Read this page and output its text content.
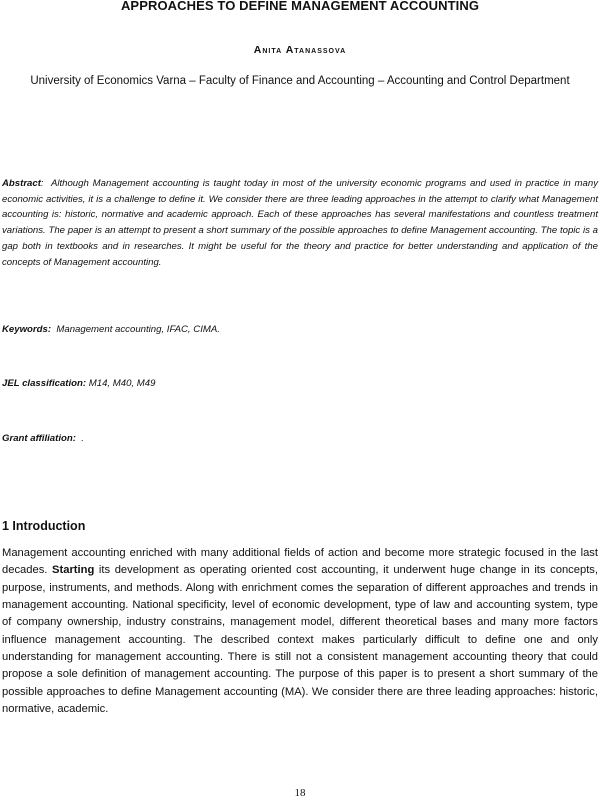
APPROACHES TO DEFINE MANAGEMENT ACCOUNTING
Anita Atanassova
University of Economics Varna – Faculty of Finance and Accounting – Accounting and Control Department
Abstract:  Although Management accounting is taught today in most of the university economic programs and used in practice in many economic activities, it is a challenge to define it. We consider there are three leading approaches in the attempt to clarify what Management accounting is: historic, normative and academic approach. Each of these approaches has several manifestations and countless treatment variations. The paper is an attempt to present a short summary of the possible approaches to define Management accounting. The topic is a gap both in textbooks and in researches. It might be useful for the theory and practice for better understanding and application of the concepts of Management accounting.
Keywords: Management accounting, IFAC, CIMA.
JEL classification: M14, M40, M49
Grant affiliation: .
1 Introduction
Management accounting enriched with many additional fields of action and become more strategic focused in the last decades. Starting its development as operating oriented cost accounting, it underwent huge change in its concepts, purpose, instruments, and methods. Along with enrichment comes the separation of different approaches and trends in management accounting. National specificity, level of economic development, type of law and accounting system, type of company ownership, industry constrains, management model, different theoretical bases and many more factors influence management accounting. The described context makes particularly difficult to define one and only understanding for management accounting. There is still not a consistent management accounting theory that could propose a sole definition of management accounting. The purpose of this paper is to present a short summary of the possible approaches to define Management accounting (MA). We consider there are three leading approaches: historic, normative, academic.
18
